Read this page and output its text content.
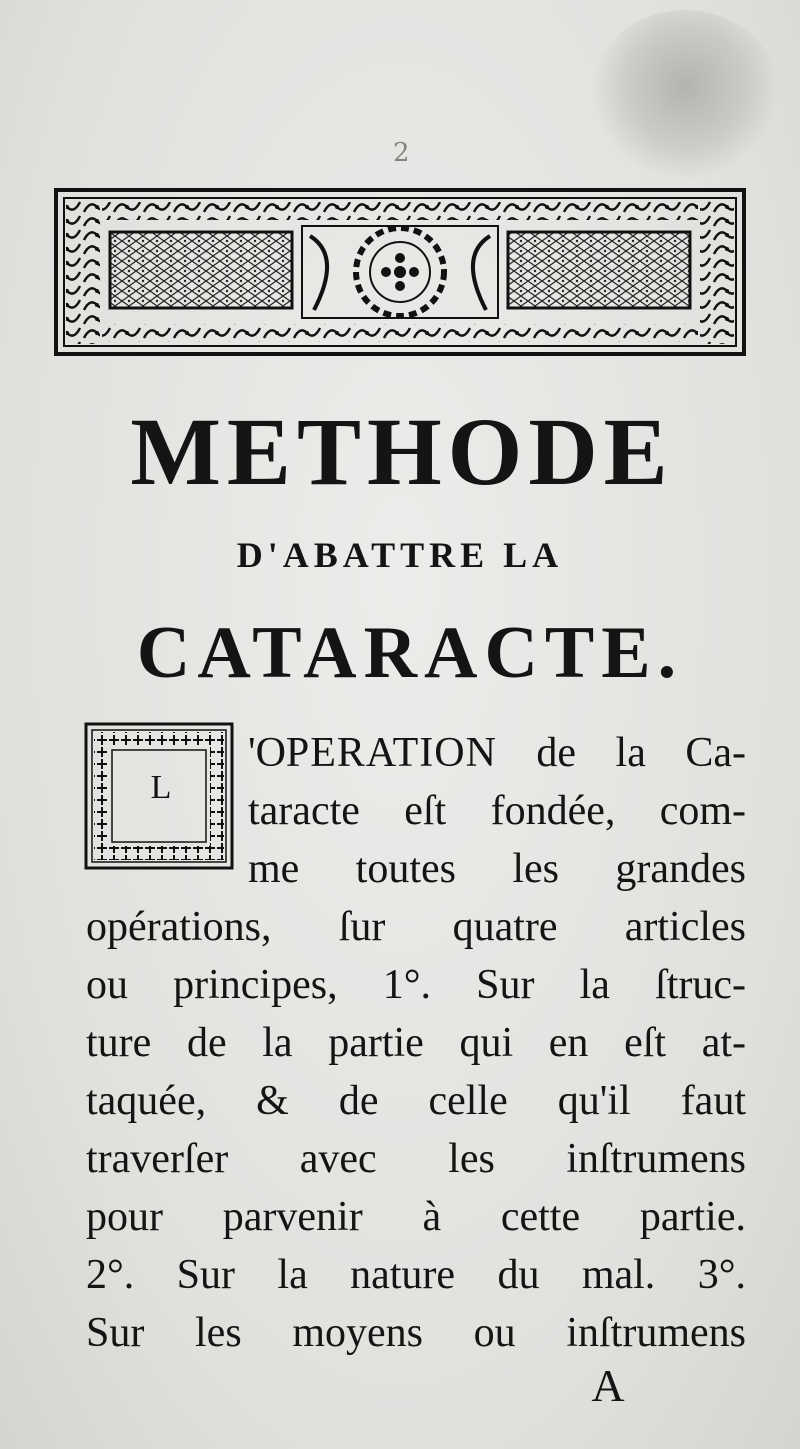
2
METHODE
D'ABATTRE LA
CATARACTE.
L
'OPERATION de la Ca-
taracte eſt fondée, com-
me toutes les grandes
opérations, ſur quatre articles
ou principes, 1°. Sur la ſtruc-
ture de la partie qui en eſt at-
taquée, & de celle qu'il faut
traverſer avec les inſtrumens
pour parvenir à cette partie.
2°. Sur la nature du mal. 3°.
Sur les moyens ou inſtrumens
A
